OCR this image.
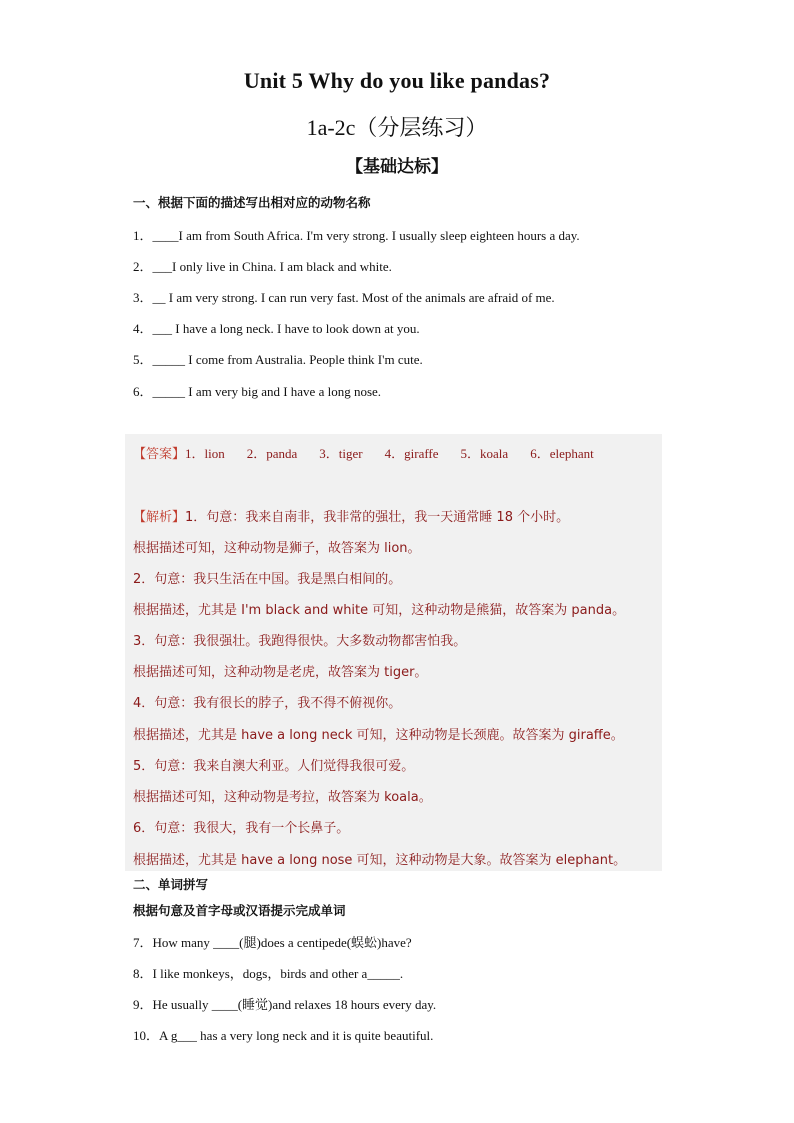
Unit 5 Why do you like pandas?
1a-2c（分层练习）
【基础达标】
一、根据下面的描述写出相对应的动物名称
1．____I am from South Africa. I'm very strong. I usually sleep eighteen hours a day.
2．___I only live in China. I am black and white.
3．__ I am very strong. I can run very fast. Most of the animals are afraid of me.
4．___ I have a long neck. I have to look down at you.
5．_____ I come from Australia. People think I'm cute.
6．_____ I am very big and I have a long nose.
【答案】1．lion 2．panda 3．tiger 4．giraffe 5．koala 6．elephant
【解析】1．句意：我来自南非，我非常的强壮，我一天通常睡 18 个小时。
根据描述可知，这种动物是狮子，故答案为 lion。
2．句意：我只生活在中国。我是黑白相间的。
根据描述，尤其是 I'm black and white 可知，这种动物是熊猫，故答案为 panda。
3．句意：我很强壮。我跑得很快。大多数动物都害怕我。
根据描述可知，这种动物是老虎，故答案为 tiger。
4．句意：我有很长的脖子，我不得不俯视你。
根据描述，尤其是 have a long neck 可知，这种动物是长颈鹿。故答案为 giraffe。
5．句意：我来自澳大利亚。人们觉得我很可爱。
根据描述可知，这种动物是考拉，故答案为 koala。
6．句意：我很大，我有一个长鼻子。
根据描述，尤其是 have a long nose 可知，这种动物是大象。故答案为 elephant。
二、单词拼写
根据句意及首字母或汉语提示完成单词
7．How many ____(腿)does a centipede(蜈蚣)have?
8．I like monkeys，dogs，birds and other a_____.
9．He usually ____(睡觉)and relaxes 18 hours every day.
10．A g___ has a very long neck and it is quite beautiful.
